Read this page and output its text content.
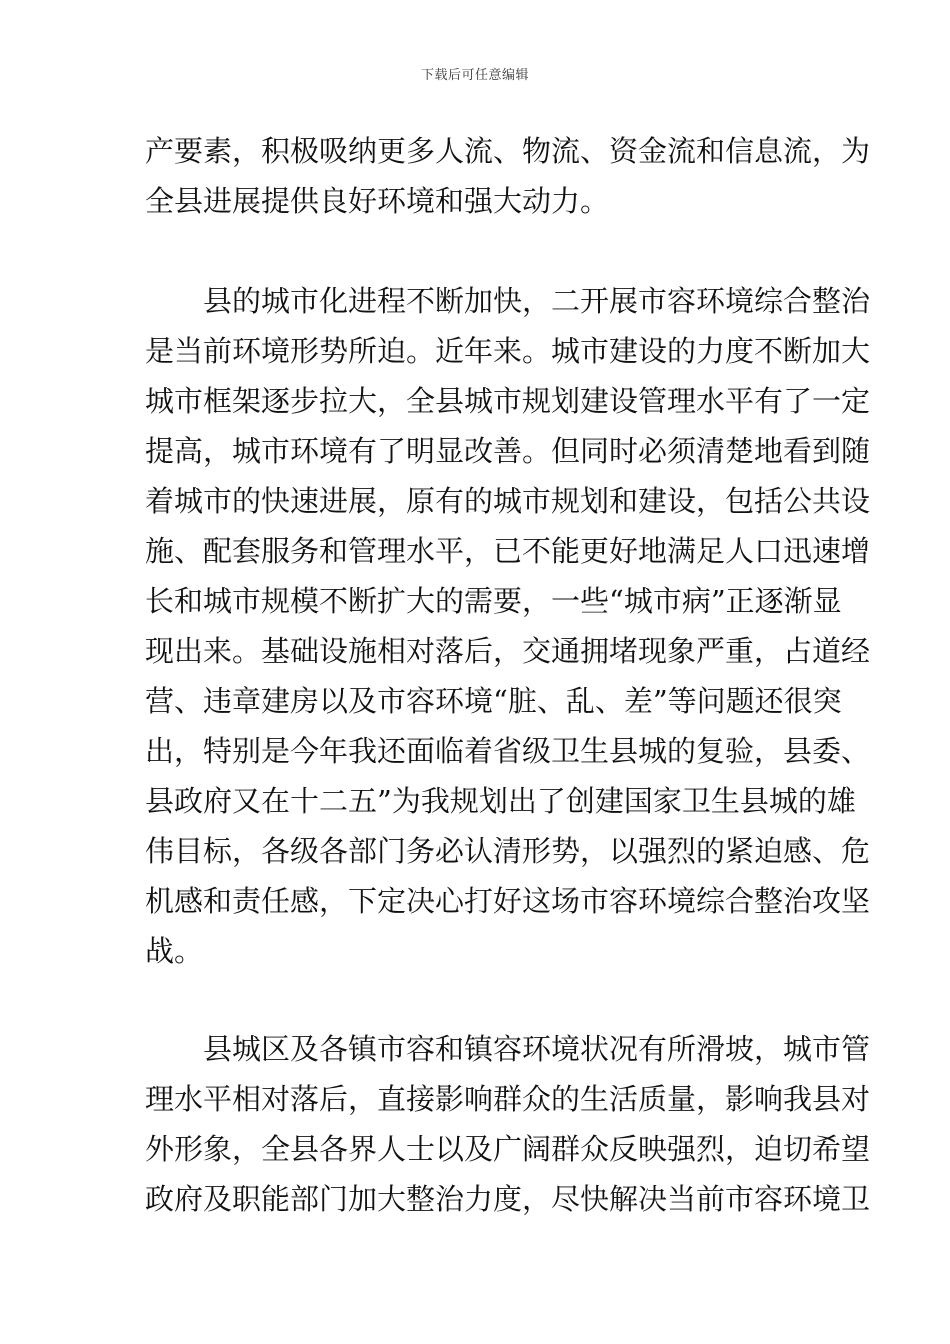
下载后可任意编辑
产要素，积极吸纳更多人流、物流、资金流和信息流，为
全县进展提供良好环境和强大动力。
　　县的城市化进程不断加快，二开展市容环境综合整治
是当前环境形势所迫。近年来。城市建设的力度不断加大
城市框架逐步拉大，全县城市规划建设管理水平有了一定
提高，城市环境有了明显改善。但同时必须清楚地看到随
着城市的快速进展，原有的城市规划和建设，包括公共设
施、配套服务和管理水平，已不能更好地满足人口迅速增
长和城市规模不断扩大的需要，一些“城市病”正逐渐显
现出来。基础设施相对落后，交通拥堵现象严重，占道经
营、违章建房以及市容环境“脏、乱、差”等问题还很突
出，特别是今年我还面临着省级卫生县城的复验，县委、
县政府又在十二五”为我规划出了创建国家卫生县城的雄
伟目标，各级各部门务必认清形势，以强烈的紧迫感、危
机感和责任感，下定决心打好这场市容环境综合整治攻坚
战。
　　县城区及各镇市容和镇容环境状况有所滑坡，城市管
理水平相对落后，直接影响群众的生活质量，影响我县对
外形象，全县各界人士以及广阔群众反映强烈，迫切希望
政府及职能部门加大整治力度，尽快解决当前市容环境卫
